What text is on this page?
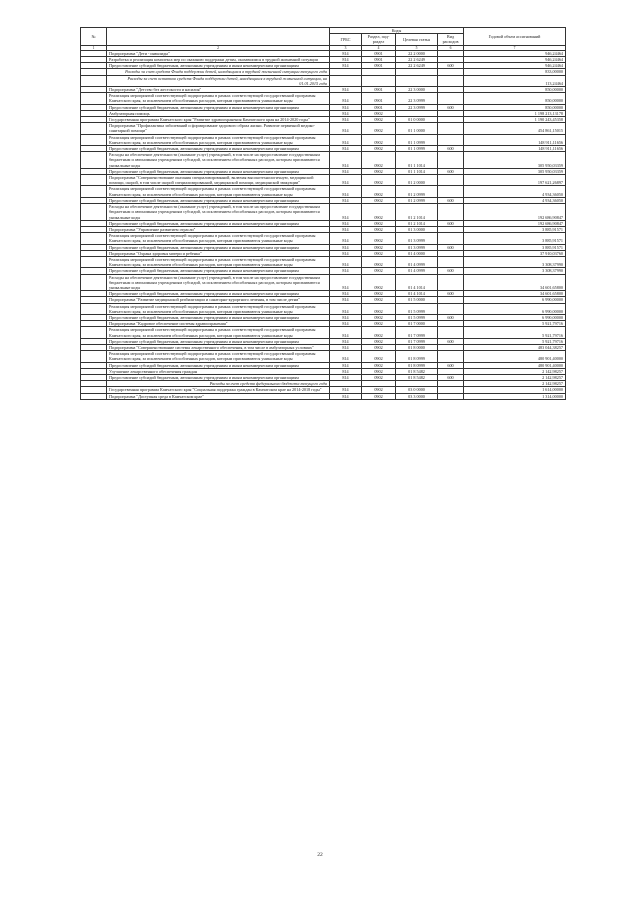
№		Коды				Годовой объем ассигнований
		ГРБС	Раздел, под-раздел	Целевая статья	Вид расходов	
1	2	3	4	5	6	7
	Подпрограмма "Дети - инвалиды"	814	0901	22 2 0000		946,24464
	Разработка и реализация комплекса мер по оказанию поддержки детям, оказавшимся в трудной жизненной ситуации	814	0901	22 2 6249		946,24464
	Предоставление субсидий бюджетным, автономным учреждениям и иным некоммерческим организациям	814	0901	22 2 6249	600	946,24464
	Расходы за счет средств Фонда поддержки детей, находящихся в трудной жизненной ситуации текущего года					833,00000
	Расходы за счет остатков средств Фонда поддержки детей, находящихся в трудной жизненной ситуации, на 01.01.2015 года					113,24464
	Подпрограмма "Детство без жестокости и насилия"	814	0901	22 3 0000		850,00000
	Реализация мероприятий соответствующей подпрограммы в рамках соответствующей государственной программы Камчатского края, за исключением обособленных расходов, которым присваиваются уникальные коды	814	0901	22 3 0999		850,00000
	Предоставление субсидий бюджетным, автономным учреждениям и иным некоммерческим организациям	814	0901	22 3 0999	600	850,00000
	Амбулаторная помощь	814	0902			1 198 213,13178
	Государственная программа Камчатского края "Развитие здравоохранения Камчатского края на 2014-2020 годы"	814	0902	01 0 0000		1 190 243,45358
	Подпрограмма "Профилактика заболеваний и формирование здорового образа жизни. Развитие первичной медико-санитарной помощи"	814	0902	01 1 0000		454 861,15015
	Реализация мероприятий соответствующей подпрограммы в рамках соответствующей государственной программы Камчатского края, за исключением обособленных расходов, которым присваиваются уникальные коды	814	0902	01 1 0999		148 911,11656
	Предоставление субсидий бюджетным, автономным учреждениям и иным некоммерческим организациям	814	0902	01 1 0999	600	148 911,11656
	Расходы на обеспечение деятельности (оказание услуг) учреждений, в том числе на предоставление государственным бюджетным и автономным учреждениям субсидий, за исключением обособленных расходов, которым присваиваются уникальные коды	814	0902	01 1 1014		305 950,03359
	Предоставление субсидий бюджетным, автономным учреждениям и иным некоммерческим организациям	814	0902	01 1 1014	600	305 950,03359
	Подпрограмма "Совершенствование оказания специализированной, включая высокотехнологичную, медицинской помощи, скорой, в том числе скорой специализированной, медицинской помощи, медицинской эвакуации"	814	0902	01 2 0000		197 621,26897
	Реализация мероприятий соответствующей подпрограммы в рамках соответствующей государственной программы Камчатского края, за исключением обособленных расходов, которым присваиваются уникальные коды	814	0902	01 2 0999		4 934,36050
	Предоставление субсидий бюджетным, автономным учреждениям и иным некоммерческим организациям	814	0902	01 2 0999	600	4 934,36050
	Расходы на обеспечение деятельности (оказание услуг) учреждений, в том числе на предоставление государственным бюджетным и автономным учреждениям субсидий, за исключением обособленных расходов, которым присваиваются уникальные коды	814	0902	01 2 1014		192 686,90847
	Предоставление субсидий бюджетным, автономным учреждениям и иным некоммерческим организациям	814	0902	01 2 1014	600	192 686,90847
	Подпрограмма "Управление развитием отрасли"	814	0902	01 3 0000		3 885,91571
	Реализация мероприятий соответствующей подпрограммы в рамках соответствующей государственной программы Камчатского края, за исключением обособленных расходов, которым присваиваются уникальные коды	814	0902	01 3 0999		3 885,91571
	Предоставление субсидий бюджетным, автономным учреждениям и иным некоммерческим организациям	814	0902	01 3 0999	600	3 885,91571
	Подпрограмма "Охрана здоровья матери и ребенка"	814	0902	01 4 0000		37 910,03760
	Реализация мероприятий соответствующей подпрограммы в рамках соответствующей государственной программы Камчатского края, за исключением обособленных расходов, которым присваиваются уникальные коды	814	0902	01 4 0999		3 308,37990
	Предоставление субсидий бюджетным, автономным учреждениям и иным некоммерческим организациям	814	0902	01 4 0999	600	3 308,37990
	Расходы на обеспечение деятельности (оказание услуг) учреждений, в том числе на предоставление государственным бюджетным и автономным учреждениям субсидий, за исключением обособленных расходов, которым присваиваются уникальные коды	814	0902	01 4 1014		34 601,65800
	Предоставление субсидий бюджетным, автономным учреждениям и иным некоммерческим организациям	814	0902	01 4 1014	600	34 601,65800
	Подпрограмма "Развитие медицинской реабилитации и санаторно-курортного лечения, в том числе детям"	814	0902	01 5 0000		6 990,00000
	Реализация мероприятий соответствующей подпрограммы в рамках соответствующей государственной программы Камчатского края, за исключением обособленных расходов, которым присваиваются уникальные коды	814	0902	01 5 0999		6 990,00000
	Предоставление субсидий бюджетным, автономным учреждениям и иным некоммерческим организациям	814	0902	01 5 0999	600	6 990,00000
	Подпрограмма "Кадровое обеспечение системы здравоохранения"	814	0902	01 7 0000		5 921,79716
	Реализация мероприятий соответствующей подпрограммы в рамках соответствующей государственной программы Камчатского края, за исключением обособленных расходов, которым присваиваются уникальные коды	814	0902	01 7 0999		5 921,79716
	Предоставление субсидий бюджетным, автономным учреждениям и иным некоммерческим организациям	814	0902	01 7 0999	600	5 921,79716
	Подпрограмма "Совершенствование системы лекарственного обеспечения, в том числе в амбулаторных условиях"	814	0902	01 8 0000		483 044,38257
	Реализация мероприятий соответствующей подпрограммы в рамках соответствующей государственной программы Камчатского края, за исключением обособленных расходов, которым присваиваются уникальные коды	814	0902	01 8 0999		480 901,40000
	Предоставление субсидий бюджетным, автономным учреждениям и иным некоммерческим организациям	814	0902	01 8 0999	600	480 901,40000
	Улучшение лекарственного обеспечения граждан	814	0902	01 8 5482		2 142,98257
	Предоставление субсидий бюджетным, автономным учреждениям и иным некоммерческим организациям	814	0902	01 8 5482	600	2 142,98257
	Расходы за счет средств федерального бюджета текущего года					2 142,98257
	Государственная программа Камчатского края "Социальная поддержка граждан в Камчатском крае на 2014-2018 годы"	814	0902	03 0 0000		1 614,00000
	Подпрограмма "Доступная среда в Камчатском крае"	814	0902	03 3 0000		1 314,00000
22
